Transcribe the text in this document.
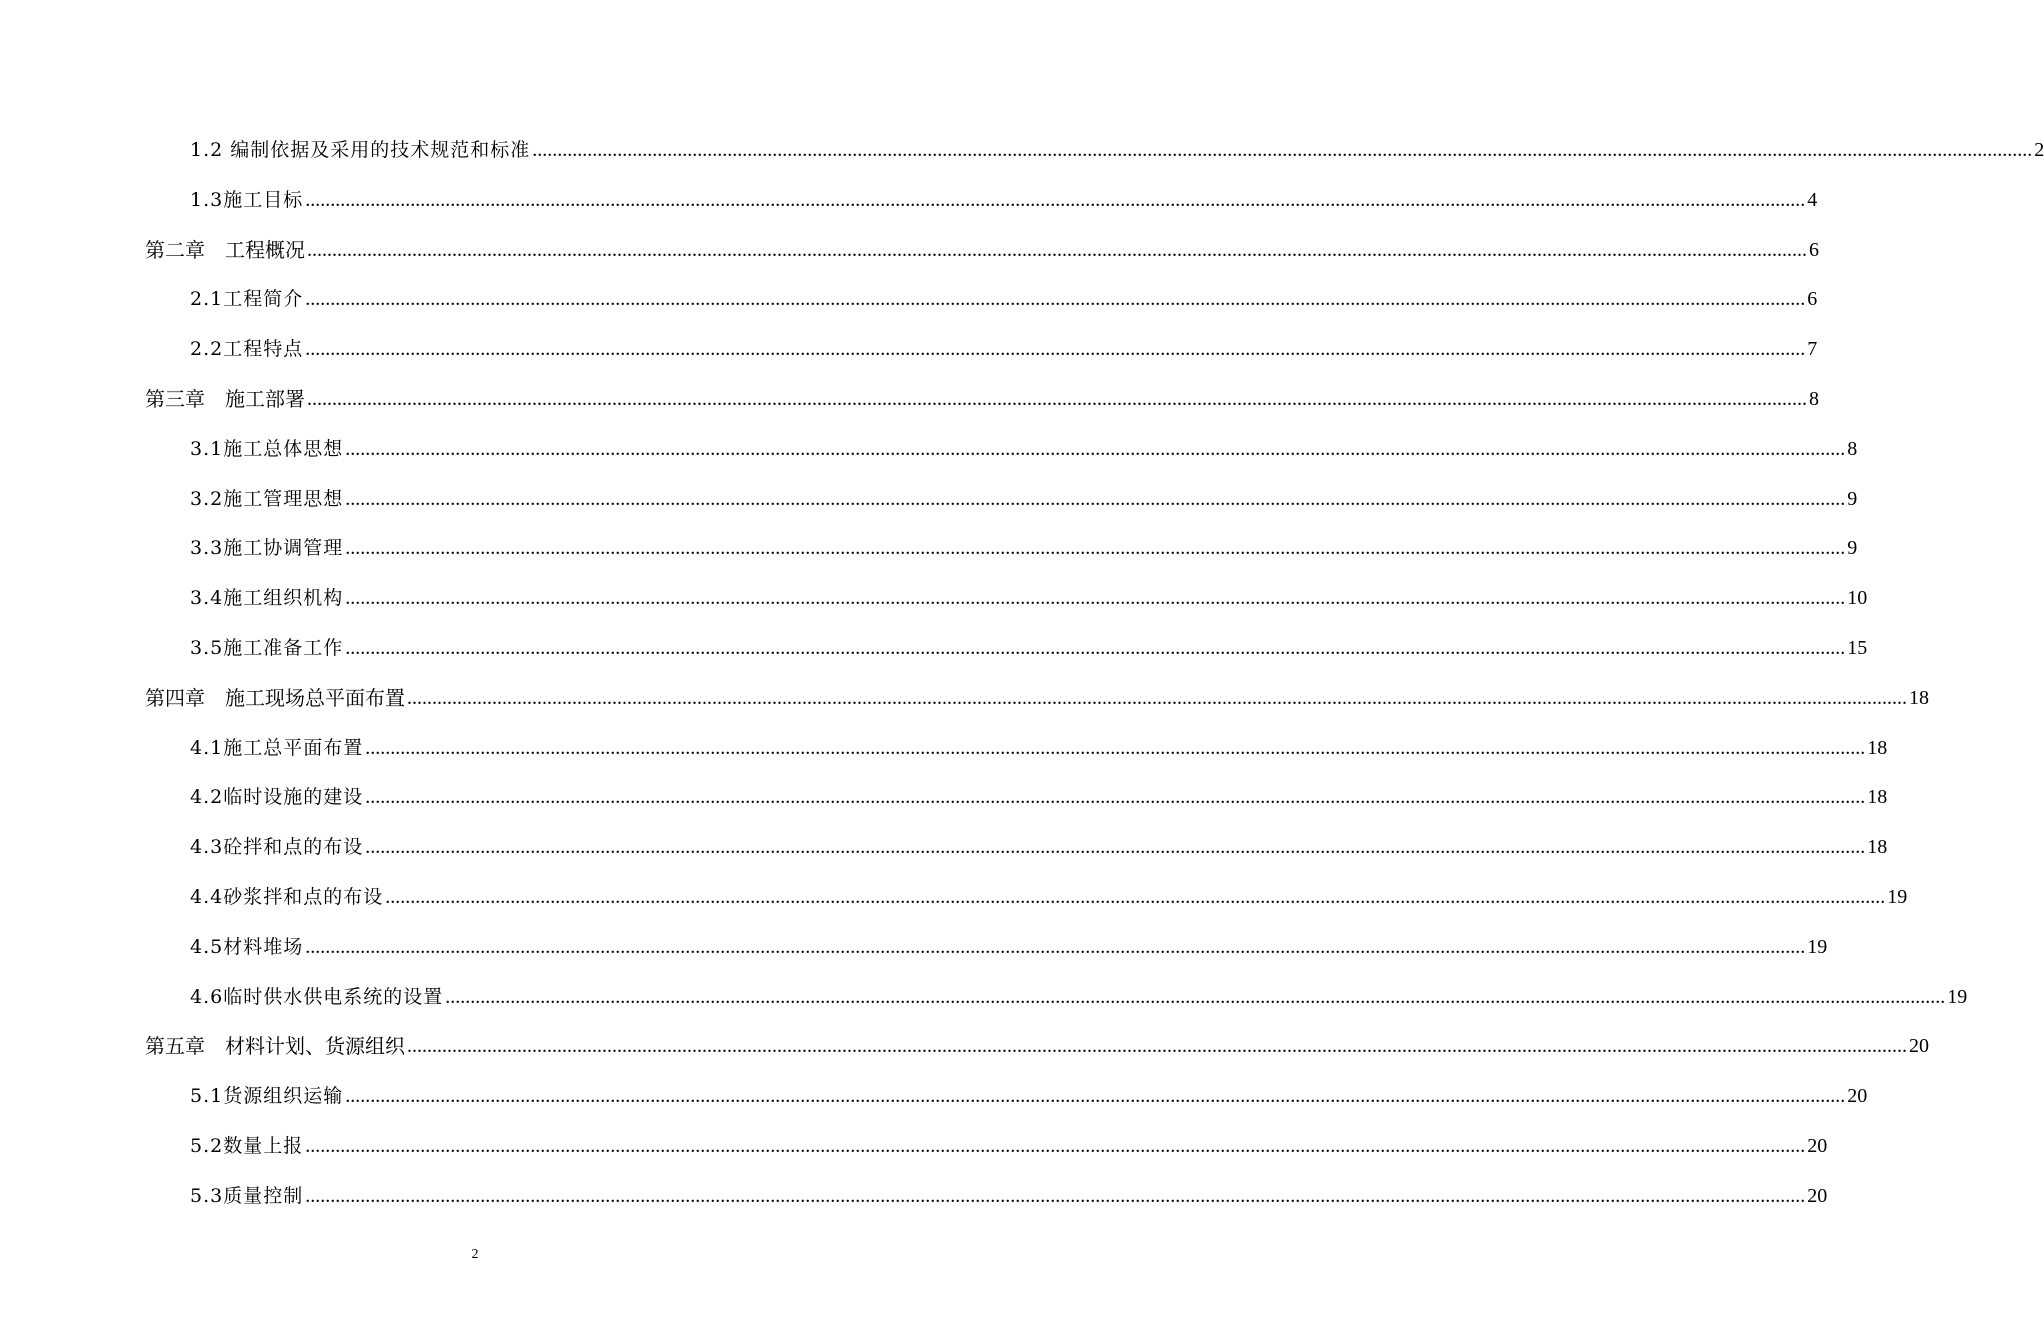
1.2 编制依据及采用的技术规范和标准 ............................................................................................................................................................................................................................................................................................................ 2
1.3施工目标 ............................................................................................................................................................................................................................................................................................................ 4
第二章　工程概况 ............................................................................................................................................................................................................................................................................................................ 6
2.1工程简介 ............................................................................................................................................................................................................................................................................................................ 6
2.2工程特点 ............................................................................................................................................................................................................................................................................................................ 7
第三章　施工部署 ............................................................................................................................................................................................................................................................................................................ 8
3.1施工总体思想 ............................................................................................................................................................................................................................................................................................................ 8
3.2施工管理思想 ............................................................................................................................................................................................................................................................................................................ 9
3.3施工协调管理 ............................................................................................................................................................................................................................................................................................................ 9
3.4施工组织机构 ............................................................................................................................................................................................................................................................................................................ 10
3.5施工准备工作 ............................................................................................................................................................................................................................................................................................................ 15
第四章　施工现场总平面布置 ............................................................................................................................................................................................................................................................................................................ 18
4.1施工总平面布置 ............................................................................................................................................................................................................................................................................................................ 18
4.2临时设施的建设 ............................................................................................................................................................................................................................................................................................................ 18
4.3砼拌和点的布设 ............................................................................................................................................................................................................................................................................................................ 18
4.4砂浆拌和点的布设 ............................................................................................................................................................................................................................................................................................................ 19
4.5材料堆场 ............................................................................................................................................................................................................................................................................................................ 19
4.6临时供水供电系统的设置 ............................................................................................................................................................................................................................................................................................................ 19
第五章　材料计划、货源组织 ............................................................................................................................................................................................................................................................................................................ 20
5.1货源组织运输 ............................................................................................................................................................................................................................................................................................................ 20
5.2数量上报 ............................................................................................................................................................................................................................................................................................................ 20
5.3质量控制 ............................................................................................................................................................................................................................................................................................................ 20
2
